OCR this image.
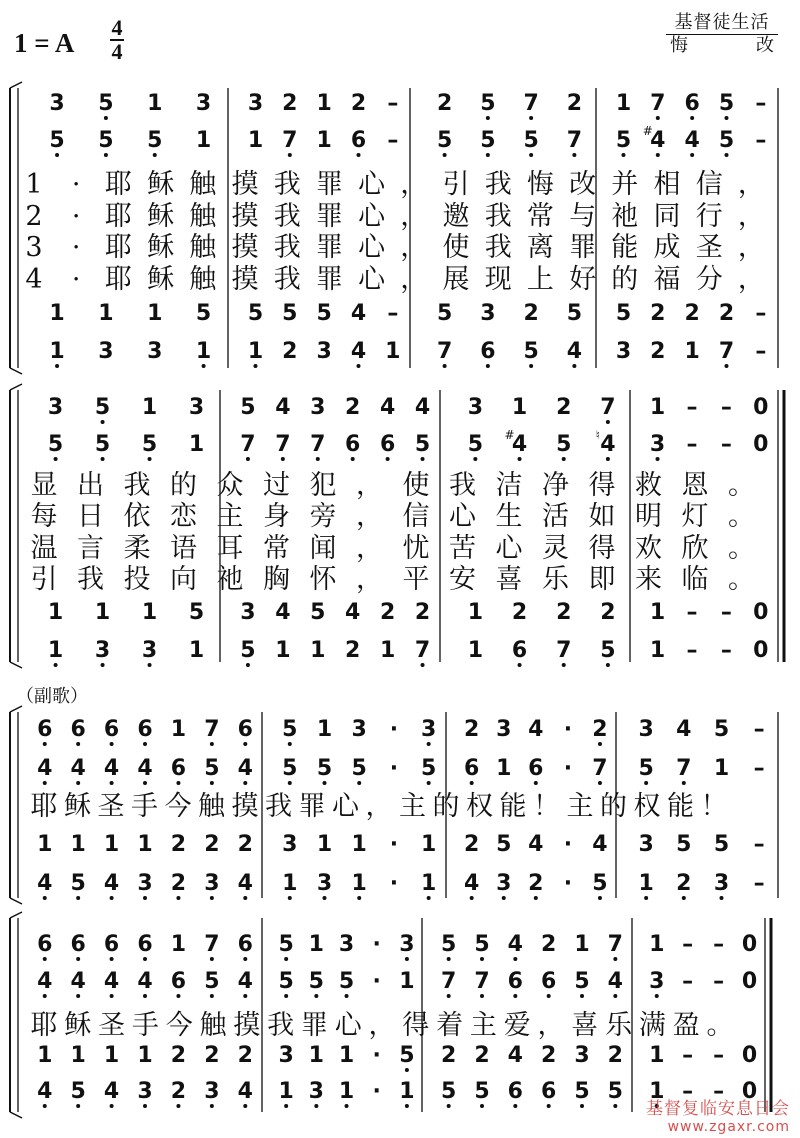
1 = A
4
4
基督徒生活
悔	改
3 5 1 3 3 2 1 2 – 2 5 7 2 1 7 6 5 –
5 5 5 1 1 7 1 6 – 5 5 5 7 5 #
4 4 5 –
1 1 1 5 5 5 5 4 – 5 3 2 5 5 2 2 2 –
1 3 3 1 1 2 3 4 1 7 6 5 4 3 2 1 7 –
1 · 耶 稣 触 摸 我 罪 心 ， 引 我 悔 改 并 相 信 ，
2 · 耶 稣 触 摸 我 罪 心 ， 邀 我 常 与 祂 同 行 ，
3 · 耶 稣 触 摸 我 罪 心 ， 使 我 离 罪 能 成 圣 ，
4 · 耶 稣 触 摸 我 罪 心 ， 展 现 上 好 的 福 分 ，
3 5 1 3 5 4 3 2 4 4 3 1 2 7 1 – – 0
5 5 5 1 7 7 7 6 6 5 5 #
4 5 ♮ 4 3 – – 0
1 1 1 5 3 4 5 4 2 2 1 2 2 2 1 – – 0
1 3 3 1 5 1 1 2 1 7 1 6 7 5 1 – – 0
显 出 我 的 众 过 犯 ， 使 我 洁 净 得 救 恩 。
每 日 依 恋 主 身 旁 ， 信 心 生 活 如 明 灯 。
温 言 柔 语 耳 常 闻 ， 忧 苦 心 灵 得 欢 欣 。
引 我 投 向 祂 胸 怀 ， 平 安 喜 乐 即 来 临 。
6 6 6 6 1 7 6 5 1 3 · 3 2 3 4 · 2 3 4 5 –
4 4 4 4 6 5 4 5 5 5 · 5 6 1 6 · 7 5 7 1 –
1 1 1 1 2 2 2 3 1 1 · 1 2 5 4 · 4 3 5 5 –
4 5 4 3 2 3 4 1 3 1 · 1 4 3 2 · 5 1 2 3 –
耶 稣 圣 手 今 触 摸 我 罪 心 ， 主 的 权 能 ！ 主 的 权 能 ！
6 6 6 6 1 7 6 5 1 3 · 3 5 5 4 2 1 7 1 – – 0
4 4 4 4 6 5 4 5 5 5 · 1 7 7 6 6 5 4 3 – – 0
1 1 1 1 2 2 2 3 1 1 · 5 2 2 4 2 3 2 1 – – 0
4 5 4 3 2 3 4 1 3 1 · 1 5 5 6 6 5 5 1 – – 0
耶 稣 圣 手 今 触 摸 我 罪 心 ， 得 着 主 爱 ， 喜 乐 满 盈 。
（副歌）
基督复临安息日会
www.zgaxr.com
